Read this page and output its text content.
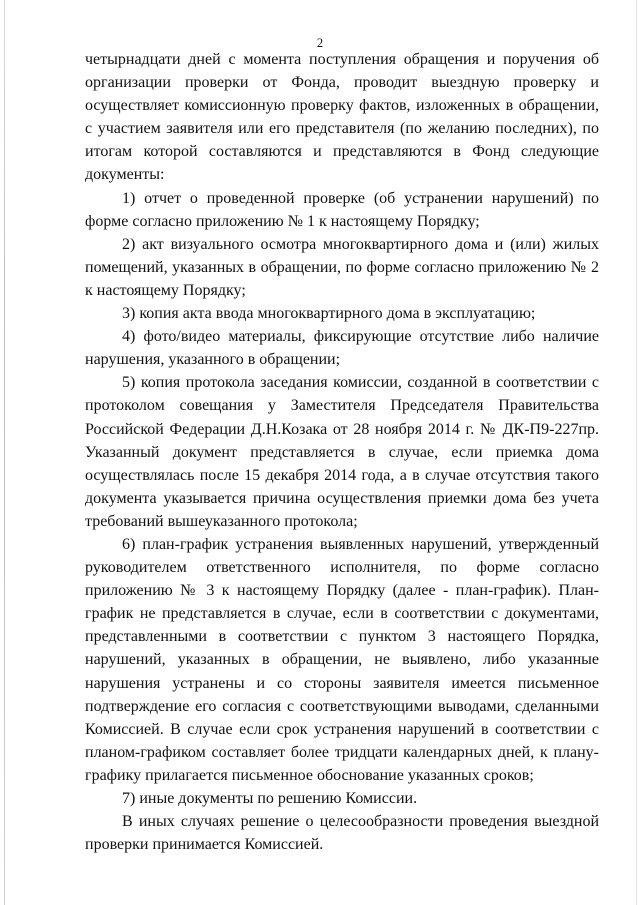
2

четырнадцати дней с момента поступления обращения и поручения об организации проверки от Фонда, проводит выездную проверку и осуществляет комиссионную проверку фактов, изложенных в обращении, с участием заявителя или его представителя (по желанию последних), по итогам которой составляются и представляются в Фонд следующие документы:

1) отчет о проведенной проверке (об устранении нарушений) по форме согласно приложению № 1 к настоящему Порядку;

2) акт визуального осмотра многоквартирного дома и (или) жилых помещений, указанных в обращении, по форме согласно приложению № 2 к настоящему Порядку;

3) копия акта ввода многоквартирного дома в эксплуатацию;

4) фото/видео материалы, фиксирующие отсутствие либо наличие нарушения, указанного в обращении;

5) копия протокола заседания комиссии, созданной в соответствии с протоколом совещания у Заместителя Председателя Правительства Российской Федерации Д.Н.Козака от 28 ноября 2014 г. № ДК-П9-227пр. Указанный документ представляется в случае, если приемка дома осуществлялась после 15 декабря 2014 года, а в случае отсутствия такого документа указывается причина осуществления приемки дома без учета требований вышеуказанного протокола;

6) план-график устранения выявленных нарушений, утвержденный руководителем ответственного исполнителя, по форме согласно приложению № 3 к настоящему Порядку (далее - план-график). План-график не представляется в случае, если в соответствии с документами, представленными в соответствии с пунктом 3 настоящего Порядка, нарушений, указанных в обращении, не выявлено, либо указанные нарушения устранены и со стороны заявителя имеется письменное подтверждение его согласия с соответствующими выводами, сделанными Комиссией. В случае если срок устранения нарушений в соответствии с планом-графиком составляет более тридцати календарных дней, к плану-графику прилагается письменное обоснование указанных сроков;

7) иные документы по решению Комиссии.

В иных случаях решение о целесообразности проведения выездной проверки принимается Комиссией.
